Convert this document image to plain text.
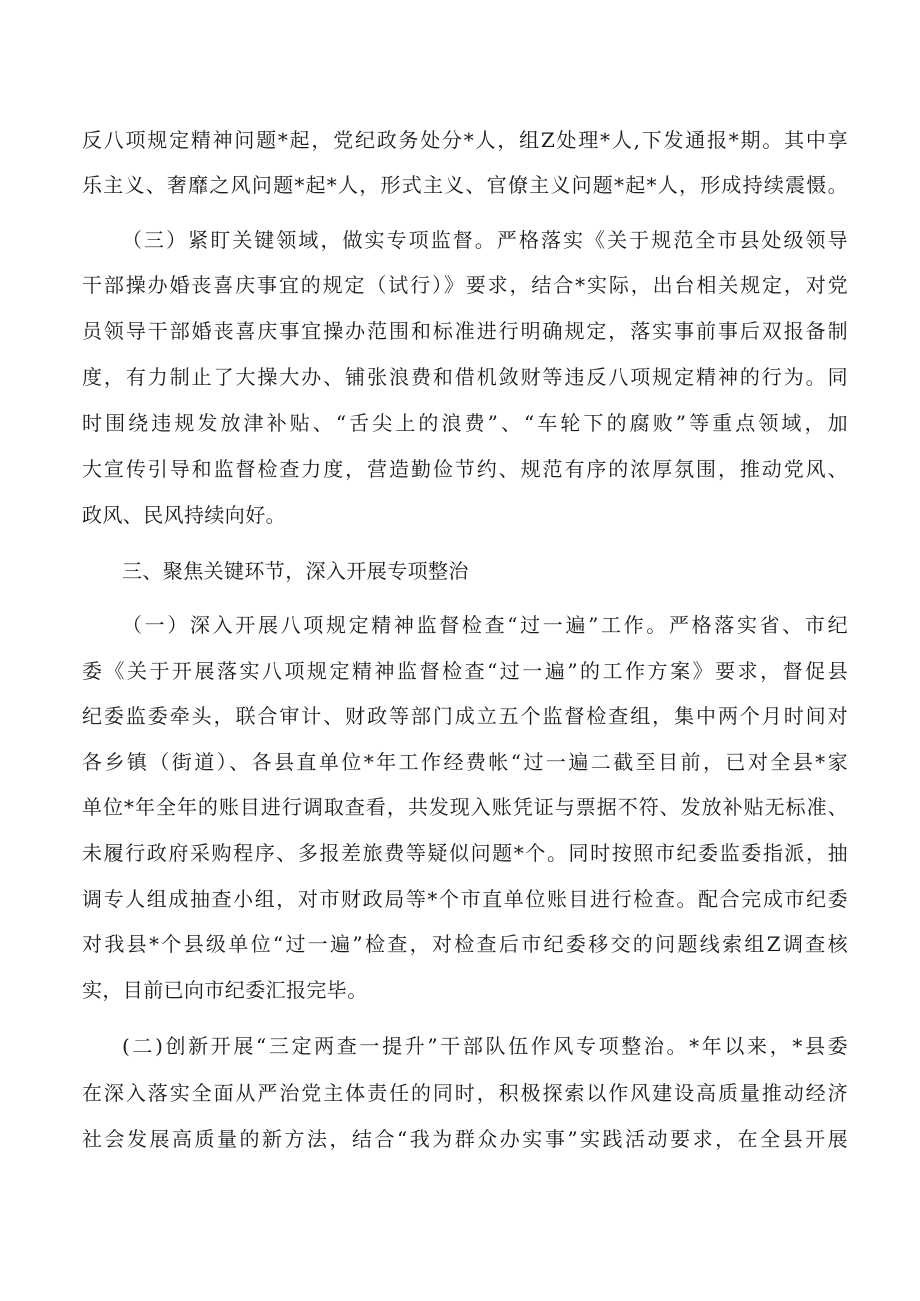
反八项规定精神问题*起，党纪政务处分*人，组Z处理*人,下发通报*期。其中享
乐主义、奢靡之风问题*起*人，形式主义、官僚主义问题*起*人，形成持续震慑。
（三）紧盯关键领域，做实专项监督。严格落实《关于规范全市县处级领导
干部操办婚丧喜庆事宜的规定（试行）》要求，结合*实际，出台相关规定，对党
员领导干部婚丧喜庆事宜操办范围和标准进行明确规定，落实事前事后双报备制
度，有力制止了大操大办、铺张浪费和借机敛财等违反八项规定精神的行为。同
时围绕违规发放津补贴、“舌尖上的浪费”、“车轮下的腐败”等重点领域，加
大宣传引导和监督检查力度，营造勤俭节约、规范有序的浓厚氛围，推动党风、
政风、民风持续向好。
三、聚焦关键环节，深入开展专项整治
（一）深入开展八项规定精神监督检查“过一遍”工作。严格落实省、市纪
委《关于开展落实八项规定精神监督检查“过一遍”的工作方案》要求，督促县
纪委监委牵头，联合审计、财政等部门成立五个监督检查组，集中两个月时间对
各乡镇（街道）、各县直单位*年工作经费帐“过一遍二截至目前，已对全县*家
单位*年全年的账目进行调取查看，共发现入账凭证与票据不符、发放补贴无标准、
未履行政府采购程序、多报差旅费等疑似问题*个。同时按照市纪委监委指派，抽
调专人组成抽查小组，对市财政局等*个市直单位账目进行检查。配合完成市纪委
对我县*个县级单位“过一遍”检查，对检查后市纪委移交的问题线索组Z调查核
实，目前已向市纪委汇报完毕。
(二)创新开展“三定两查一提升”干部队伍作风专项整治。*年以来，*县委
在深入落实全面从严治党主体责任的同时，积极探索以作风建设高质量推动经济
社会发展高质量的新方法，结合“我为群众办实事”实践活动要求，在全县开展
